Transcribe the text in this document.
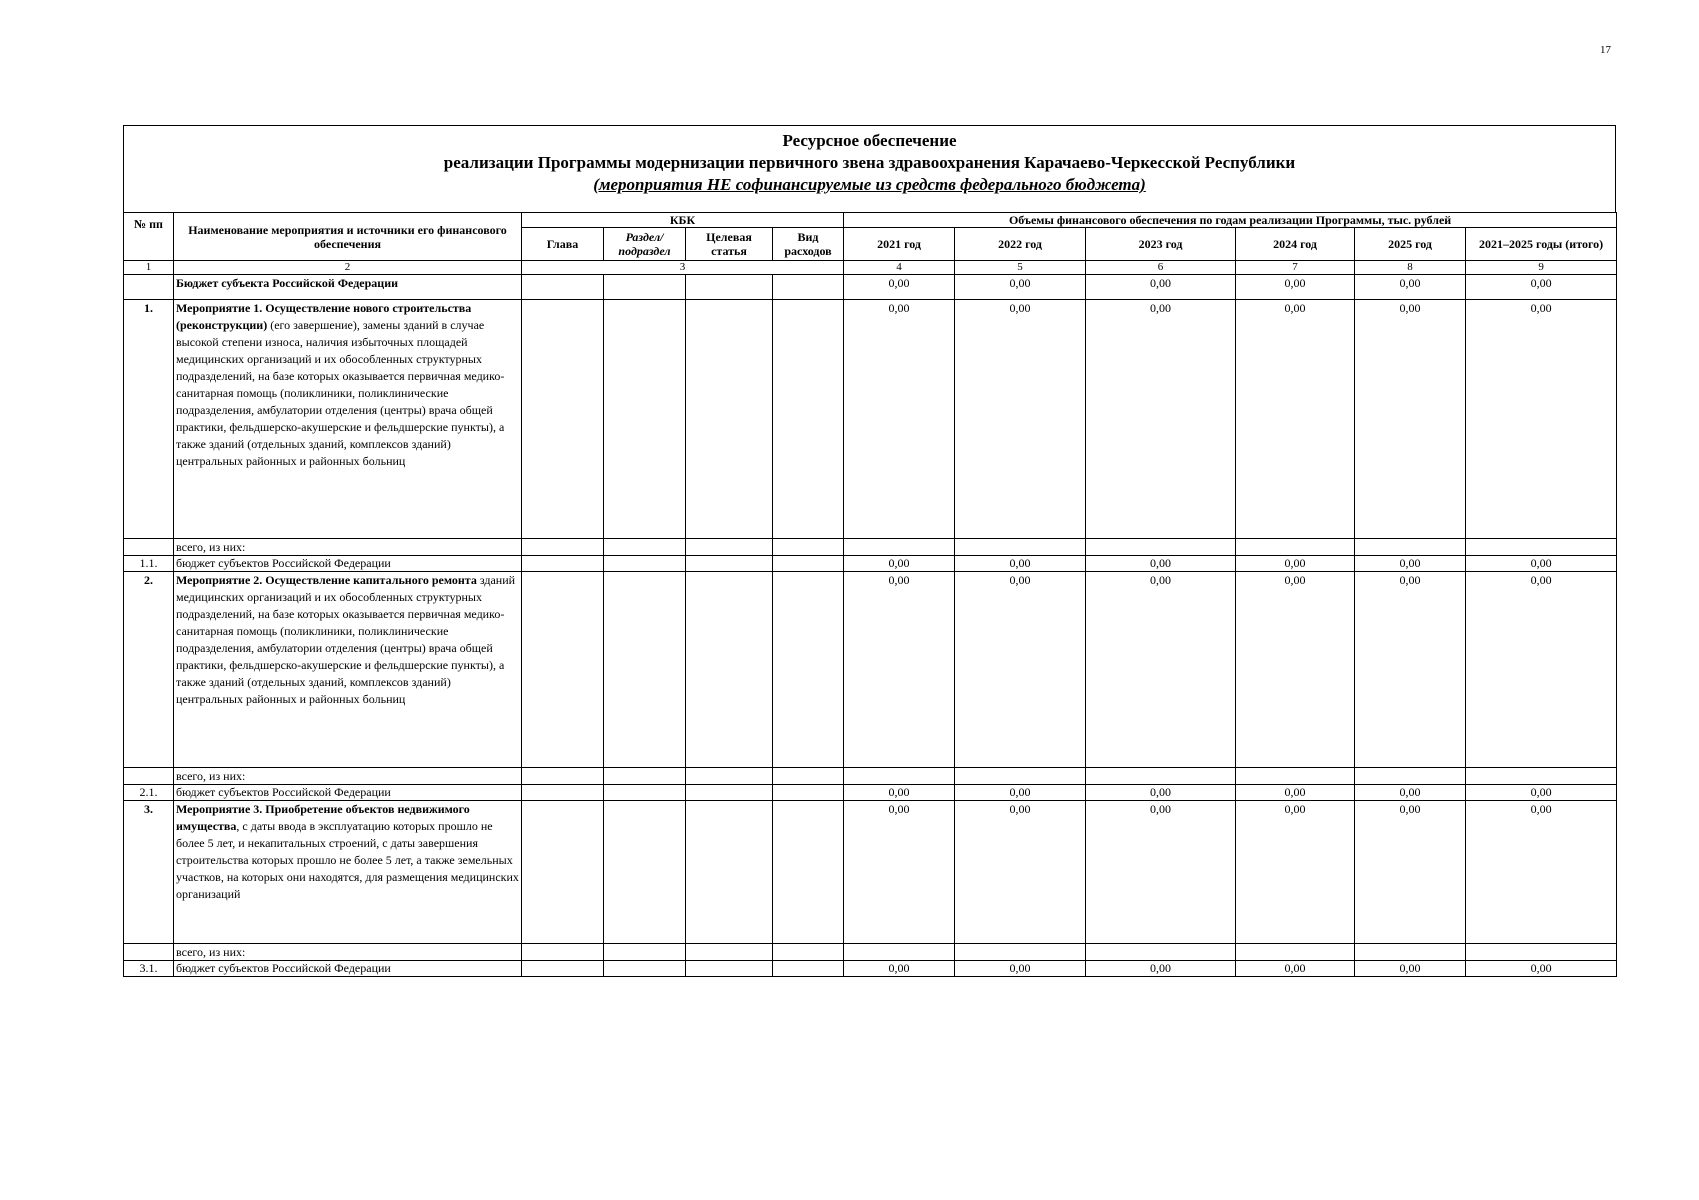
17
Ресурсное обеспечение
реализации Программы модернизации первичного звена здравоохранения Карачаево-Черкесской Республики
(мероприятия НЕ софинансируемые из средств федерального бюджета)
№ пп	Наименование мероприятия и источники его финансового обеспечения	КБК				Объемы финансового обеспечения по годам реализации Программы, тыс. рублей					
		Глава	Раздел/ подраздел	Целевая статья	Вид расходов	2021 год	2022 год	2023 год	2024 год	2025 год	2021–2025 годы (итого)
1	2	3				4	5	6	7	8	9
	Бюджет субъекта Российской Федерации					0,00	0,00	0,00	0,00	0,00	0,00
1.	Мероприятие 1. Осуществление нового строительства (реконструкции) (его завершение), замены зданий в случае высокой степени износа, наличия избыточных площадей медицинских организаций и их обособленных структурных подразделений, на базе которых оказывается первичная медико-санитарная помощь (поликлиники, поликлинические подразделения, амбулатории отделения (центры) врача общей практики, фельдшерско-акушерские и фельдшерские пункты), а также зданий (отдельных зданий, комплексов зданий) центральных районных и районных больниц					0,00	0,00	0,00	0,00	0,00	0,00
	всего, из них:										
1.1.	бюджет субъектов Российской Федерации					0,00	0,00	0,00	0,00	0,00	0,00
2.	Мероприятие 2. Осуществление капитального ремонта зданий медицинских организаций и их обособленных структурных подразделений, на базе которых оказывается первичная медико-санитарная помощь (поликлиники, поликлинические подразделения, амбулатории отделения (центры) врача общей практики, фельдшерско-акушерские и фельдшерские пункты), а также зданий (отдельных зданий, комплексов зданий) центральных районных и районных больниц					0,00	0,00	0,00	0,00	0,00	0,00
	всего, из них:										
2.1.	бюджет субъектов Российской Федерации					0,00	0,00	0,00	0,00	0,00	0,00
3.	Мероприятие 3. Приобретение объектов недвижимого имущества, с даты ввода в эксплуатацию которых прошло не более 5 лет, и некапитальных строений, с даты завершения строительства которых прошло не более 5 лет, а также земельных участков, на которых они находятся, для размещения медицинских организаций					0,00	0,00	0,00	0,00	0,00	0,00
	всего, из них:										
3.1.	бюджет субъектов Российской Федерации					0,00	0,00	0,00	0,00	0,00	0,00
